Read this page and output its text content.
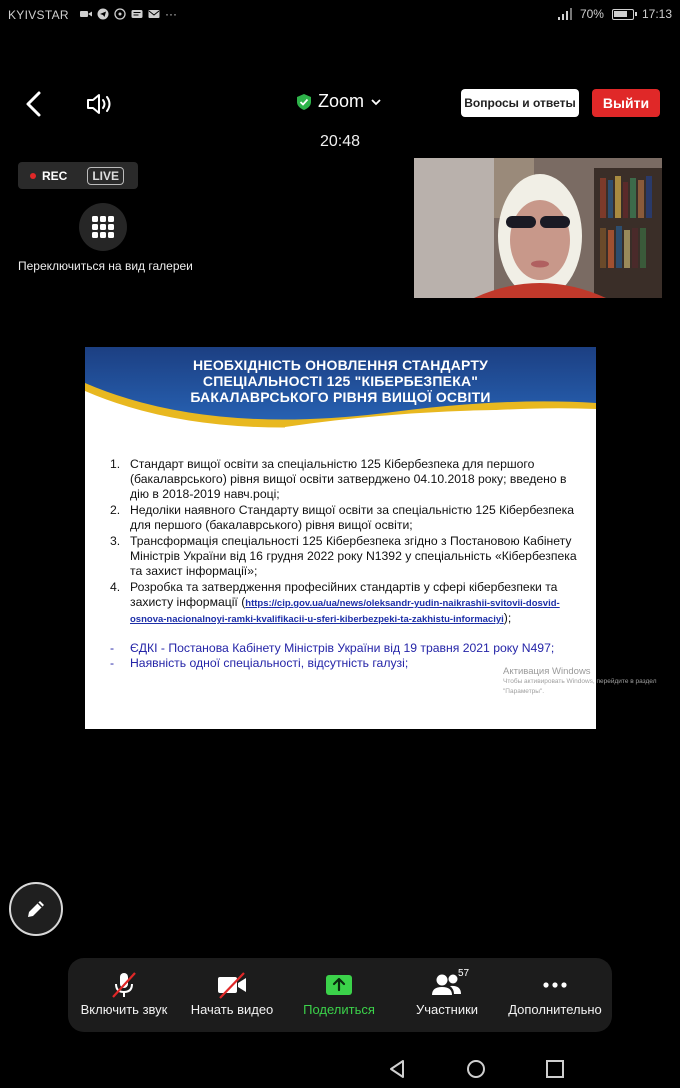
KYIVSTAR	···	70%	17:13
Zoom	Вопросы и ответы	Выйти
20:48
REC	LIVE
Переключиться на вид галереи
НЕОБХІДНІСТЬ ОНОВЛЕННЯ СТАНДАРТУ
СПЕЦІАЛЬНОСТІ 125 "КІБЕРБЕЗПЕКА"
БАКАЛАВРСЬКОГО РІВНЯ ВИЩОЇ ОСВІТИ
1. Стандарт вищої освіти за спеціальністю 125 Кібербезпека для першого (бакалаврського) рівня вищої освіти затверджено 04.10.2018 року; введено в дію в 2018-2019 навч.році;
2. Недоліки наявного Стандарту вищої освіти за спеціальністю 125 Кібербезпека для першого (бакалаврського) рівня вищої освіти;
3. Трансформація спеціальності 125 Кібербезпека згідно з Постановою Кабінету Міністрів України від 16 грудня 2022 року N1392 у спеціальність «Кібербезпека та захист інформації»;
4. Розробка та затвердження професійних стандартів у сфері кібербезпеки та захисту інформації (https://cip.gov.ua/ua/news/oleksandr-yudin-naikrashii-svitovii-dosvid-osnova-nacionalnoyi-ramki-kvalifikacii-u-sferi-kiberbezpeki-ta-zakhistu-informaciyi);
- ЄДКІ - Постанова Кабінету Міністрів України від 19 травня 2021 року N497;
- Наявність одної спеціальності, відсутність галузі;
Активация Windows
Чтобы активировать Windows, перейдите в раздел
"Параметры".
Включить звук	Начать видео	Поделиться
57
Участники	Дополнительно
